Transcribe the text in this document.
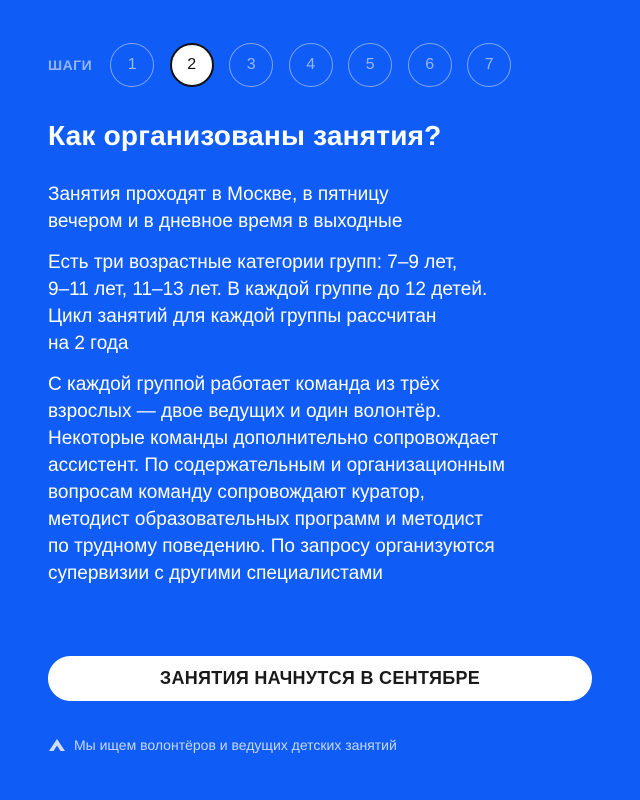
ШАГИ	1	2	3	4	5	6	7
Как организованы занятия?

Занятия проходят в Москве, в пятницу
вечером и в дневное время в выходные

Есть три возрастные категории групп: 7–9 лет,
9–11 лет, 11–13 лет. В каждой группе до 12 детей.
Цикл занятий для каждой группы рассчитан
на 2 года

С каждой группой работает команда из трёх
взрослых — двое ведущих и один волонтёр.
Некоторые команды дополнительно сопровождает
ассистент. По содержательным и организационным
вопросам команду сопровождают куратор,
методист образовательных программ и методист
по трудному поведению. По запросу организуются
супервизии с другими специалистами

ЗАНЯТИЯ НАЧНУТСЯ В СЕНТЯБРЕ
Мы ищем волонтёров и ведущих детских занятий
